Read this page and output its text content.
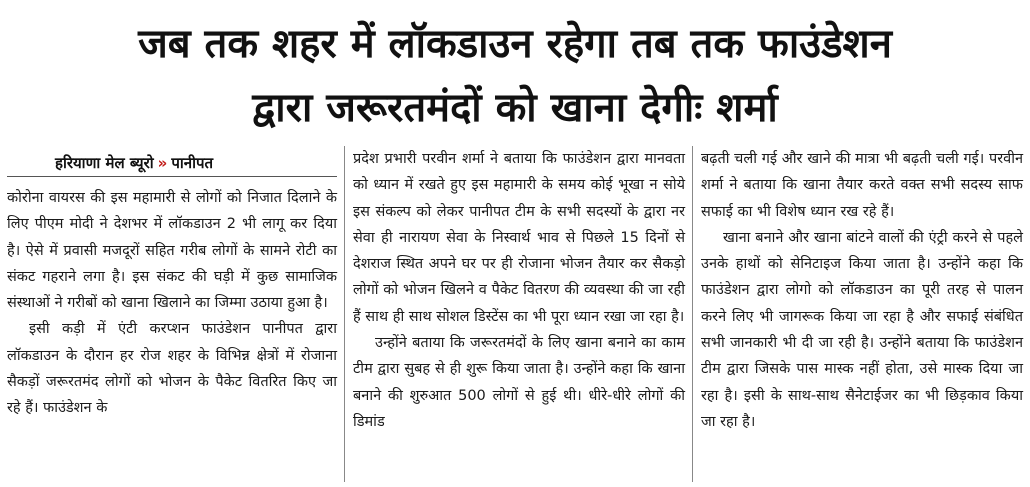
जब तक शहर में लॉकडाउन रहेगा तब तक फाउंडेशन
द्वारा जरूरतमंदों को खाना देगीः शर्मा
हरियाणा मेल ब्यूरो » पानीपत

कोरोना वायरस की इस महामारी से लोगों को निजात दिलाने के लिए पीएम मोदी ने देशभर में लॉकडाउन 2 भी लागू कर दिया है। ऐसे में प्रवासी मजदूरों सहित गरीब लोगों के सामने रोटी का संकट गहराने लगा है। इस संकट की घड़ी में कुछ सामाजिक संस्थाओं ने गरीबों को खाना खिलाने का जिम्मा उठाया हुआ है।

इसी कड़ी में एंटी करप्शन फाउंडेशन पानीपत द्वारा लॉकडाउन के दौरान हर रोज शहर के विभिन्न क्षेत्रों में रोजाना सैकड़ों जरूरतमंद लोगों को भोजन के पैकेट वितरित किए जा रहे हैं। फाउंडेशन के

प्रदेश प्रभारी परवीन शर्मा ने बताया कि फाउंडेशन द्वारा मानवता को ध्यान में रखते हुए इस महामारी के समय कोई भूखा न सोये इस संकल्प को लेकर पानीपत टीम के सभी सदस्यों के द्वारा नर सेवा ही नारायण सेवा के निस्वार्थ भाव से पिछले 15 दिनों से देशराज स्थित अपने घर पर ही रोजाना भोजन तैयार कर सैकड़ो लोगों को भोजन खिलने व पैकेट वितरण की व्यवस्था की जा रही हैं साथ ही साथ सोशल डिस्टेंस का भी पूरा ध्यान रखा जा रहा है।

उन्होंने बताया कि जरूरतमंदों के लिए खाना बनाने का काम टीम द्वारा सुबह से ही शुरू किया जाता है। उन्होंने कहा कि खाना बनाने की शुरुआत 500 लोगों से हुई थी। धीरे-धीरे लोगों की डिमांड

बढ़ती चली गई और खाने की मात्रा भी बढ़ती चली गई। परवीन शर्मा ने बताया कि खाना तैयार करते वक्त सभी सदस्य साफ सफाई का भी विशेष ध्यान रख रहे हैं।

खाना बनाने और खाना बांटने वालों की एंट्री करने से पहले उनके हाथों को सेनिटाइज किया जाता है। उन्होंने कहा कि फाउंडेशन द्वारा लोगो को लॉकडाउन का पूरी तरह से पालन करने लिए भी जागरूक किया जा रहा है और सफाई संबंधित सभी जानकारी भी दी जा रही है। उन्होंने बताया कि फाउंडेशन टीम द्वारा जिसके पास मास्क नहीं होता, उसे मास्क दिया जा रहा है। इसी के साथ-साथ सैनेटाईजर का भी छिड़काव किया जा रहा है।
